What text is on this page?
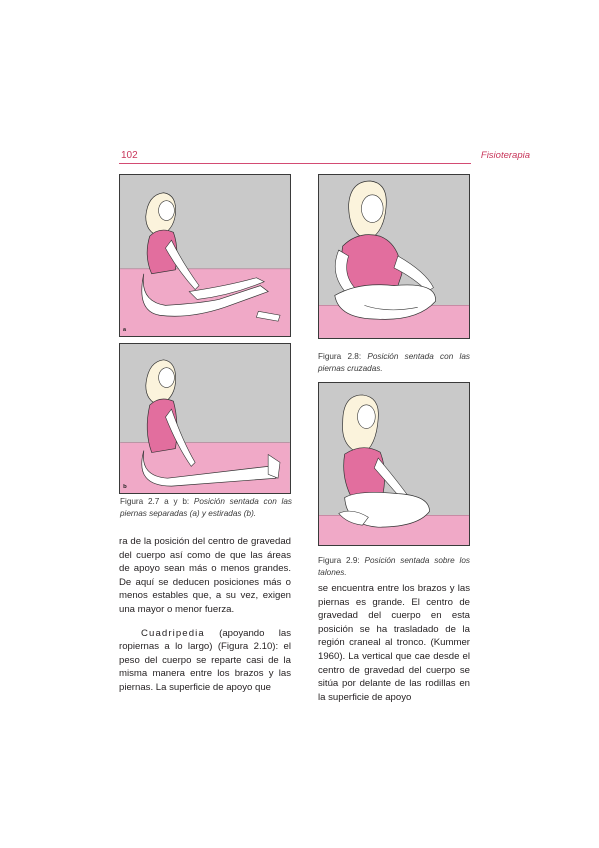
102	Fisioterapia
a
b
Figura 2.7 a y b: Posición sentada con las piernas separadas (a) y estiradas (b).
Figura 2.8: Posición sentada con las piernas cruzadas.
Figura 2.9: Posición sentada sobre los talones.

ra de la posición del centro de gravedad del cuerpo así como de que las áreas de apoyo sean más o menos grandes. De aquí se deducen posiciones más o menos estables que, a su vez, exigen una mayor o menor fuerza.

Cuadripedia (apoyando las ropiernas a lo largo) (Figura 2.10): el peso del cuerpo se reparte casi de la misma manera entre los brazos y las piernas. La superficie de apoyo que

se encuentra entre los brazos y las piernas es grande. El centro de gravedad del cuerpo en esta posición se ha trasladado de la región craneal al tronco. (Kummer 1960). La vertical que cae desde el centro de gravedad del cuerpo se sitúa por delante de las rodillas en la superficie de apoyo
